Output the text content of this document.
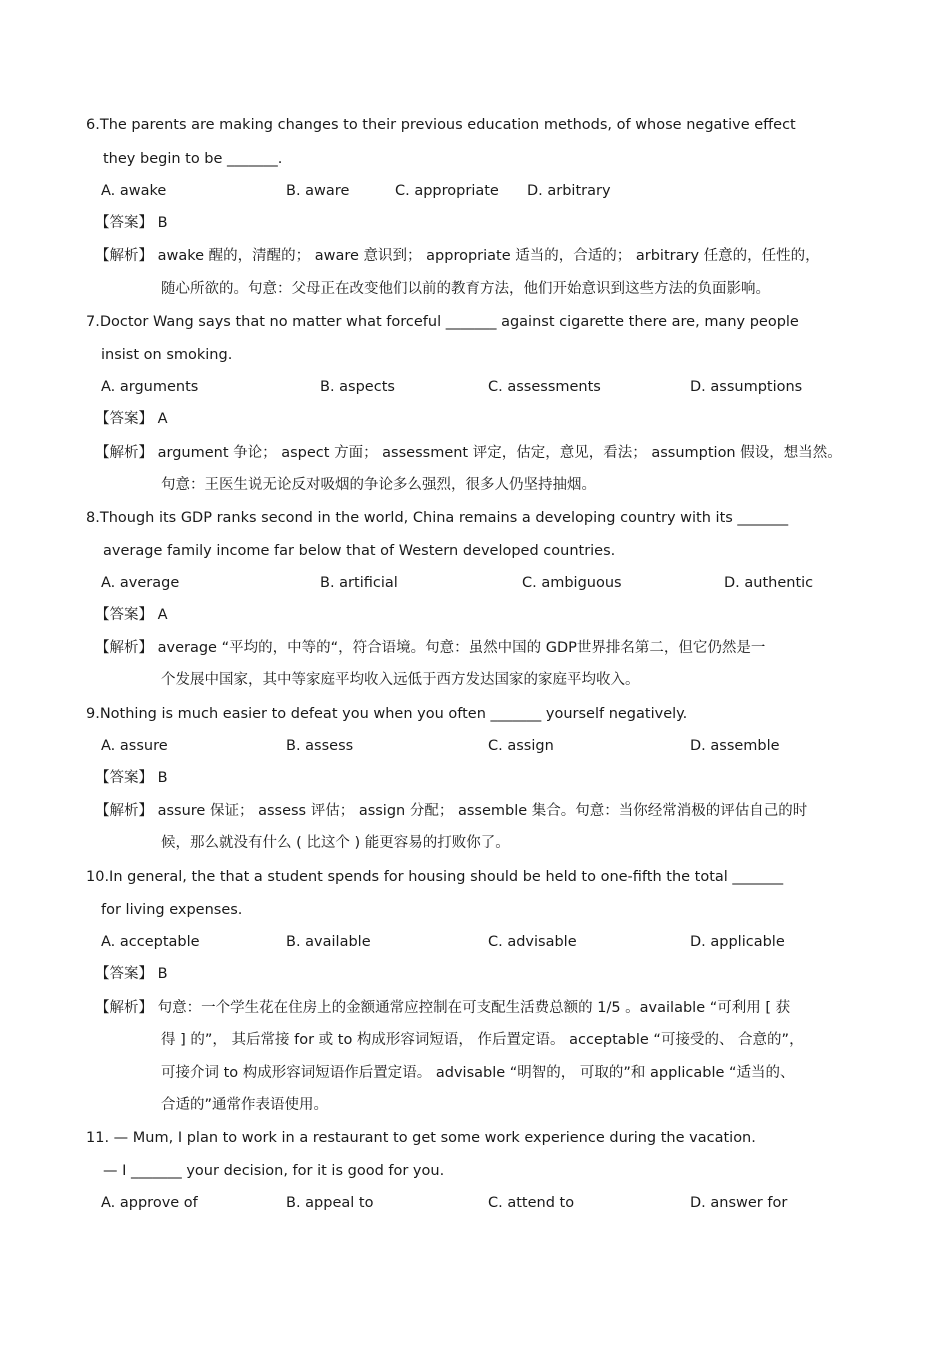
6.The parents are making changes to their previous education methods, of whose negative effect
they begin to be _______.
A. awake	B. aware	C. appropriate D. arbitrary
【答案】 B
【解析】 awake 醒的，清醒的； aware 意识到； appropriate 适当的，合适的； arbitrary 任意的，任性的，
随心所欲的。句意：父母正在改变他们以前的教育方法，他们开始意识到这些方法的负面影响。
7.Doctor Wang says that no matter what forceful _______ against cigarette there are, many people
insist on smoking.
A. arguments	B. aspects	C. assessments	D. assumptions
【答案】 A
【解析】 argument 争论； aspect 方面； assessment 评定，估定，意见，看法； assumption 假设，想当然。
句意：王医生说无论反对吸烟的争论多么强烈，很多人仍坚持抽烟。
8.Though its GDP ranks second in the world, China remains a developing country with its _______
average family income far below that of Western developed countries.
A. average	B. artificial	C. ambiguous	D. authentic
【答案】 A
【解析】 average “平均的，中等的“，符合语境。句意：虽然中国的 GDP世界排名第二，但它仍然是一
个发展中国家，其中等家庭平均收入远低于西方发达国家的家庭平均收入。
9.Nothing is much easier to defeat you when you often _______ yourself negatively.
A. assure	B. assess	C. assign	D. assemble
【答案】 B
【解析】 assure 保证； assess 评估； assign 分配； assemble 集合。句意：当你经常消极的评估自己的时
候，那么就没有什么 ( 比这个 ) 能更容易的打败你了。
10.In general, the that a student spends for housing should be held to one-fifth the total _______
for living expenses.
A. acceptable	B. available	C. advisable	D. applicable
【答案】 B
【解析】 句意：一个学生花在住房上的金额通常应控制在可支配生活费总额的 1/5 。available “可利用 [ 获
得 ] 的”， 其后常接 for 或 to 构成形容词短语， 作后置定语。 acceptable “可接受的、 合意的”，
可接介词 to 构成形容词短语作后置定语。 advisable “明智的， 可取的”和 applicable “适当的、
合适的”通常作表语使用。
11. — Mum, I plan to work in a restaurant to get some work experience during the vacation.
— I _______ your decision, for it is good for you.
A. approve of	B. appeal to	C. attend to	D. answer for
